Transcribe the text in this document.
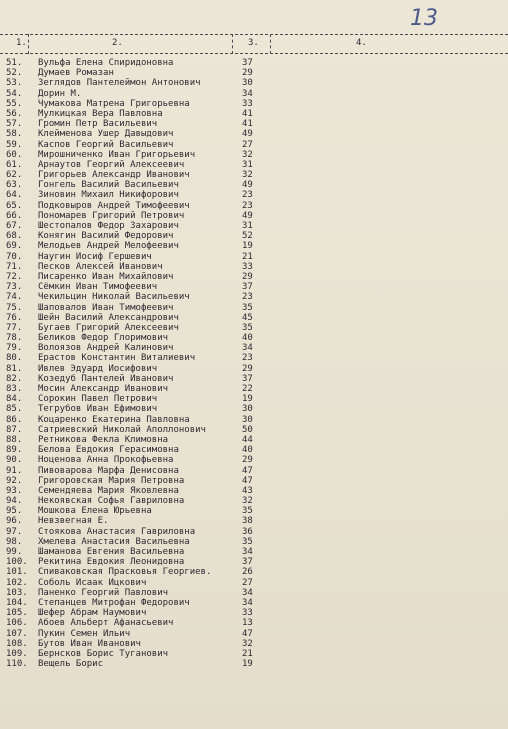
13
1.	2.	3.	4.
51.	Вульфа Елена Спиридоновна	37
52.	Думаев Ромазан	29
53.	Зеглядов Пантелеймон Антонович	30
54.	Дорин М.	34
55.	Чумакова Матрена Григорьевна	33
56.	Мулкицкая Вера Павловна	41
57.	Громин Петр Васильевич	41
58.	Клейменова Ушер Давыдович	49
59.	Каспов Георгий Васильевич	27
60.	Мирошниченко Иван Григорьевич	32
61.	Арнаутов Георгий Алексеевич	31
62.	Григорьев Александр Иванович	32
63.	Гонгель Василий Васильевич	49
64.	Зиновин Михаил Никифорович	23
65.	Подковыров Андрей Тимофеевич	23
66.	Пономарев Григорий Петрович	49
67.	Шестопалов Федор Захарович	31
68.	Конягин Василий Федорович	52
69.	Мелодьев Андрей Мелофеевич	19
70.	Наугин Иосиф Гершевич	21
71.	Песков Алексей Иванович	33
72.	Писаренко Иван Михайлович	29
73.	Сёмкин Иван Тимофеевич	37
74.	Чекильцин Николай Васильевич	23
75.	Шаповалов Иван Тимофеевич	35
76.	Шейн Василий Александрович	45
77.	Бугаев Григорий Алексеевич	35
78.	Беликов Федор Глоримович	40
79.	Волоязов Андрей Калинович	34
80.	Ерастов Константин Виталиевич	23
81.	Ивлев Эдуард Иосифович	29
82.	Козедуб Пантелей Иванович	37
83.	Мосин Александр Иванович	22
84.	Сорокин Павел Петрович	19
85.	Тегрубов Иван Ефимович	30
86.	Коцаренко Екатерина Павловна	30
87.	Сатриевский Николай Аполлонович	50
88.	Ретникова Фекла Климовна	44
89.	Белова Евдокия Герасимовна	40
90.	Ноценова Анна Прокофьевна	29
91.	Пивоварова Марфа Денисовна	47
92.	Григоровская Мария Петровна	47
93.	Семендяева Мария Яковлевна	43
94.	Некоявская Софья Гавриловна	32
95.	Мошкова Елена Юрьевна	35
96.	Невзвегная Е.	38
97.	Стоякова Анастасия Гавриловна	36
98.	Хмелева Анастасия Васильевна	35
99.	Шаманова Евгения Васильевна	34
100.	Рекитина Евдокия Леонидовна	37
101.	Спиваковская Прасковья Георгиев.	26
102.	Соболь Исаак Ицкович	27
103.	Паненко Георгий Павлович	34
104.	Степанцев Митрофан Федорович	34
105.	Шефер Абрам Наумович	33
106.	Абоев Альберт Афанасьевич	13
107.	Пукин Семен Ильич	47
108.	Бутов Иван Иванович	32
109.	Бернсков Борис Туганович	21
110.	Вещель Борис	19
